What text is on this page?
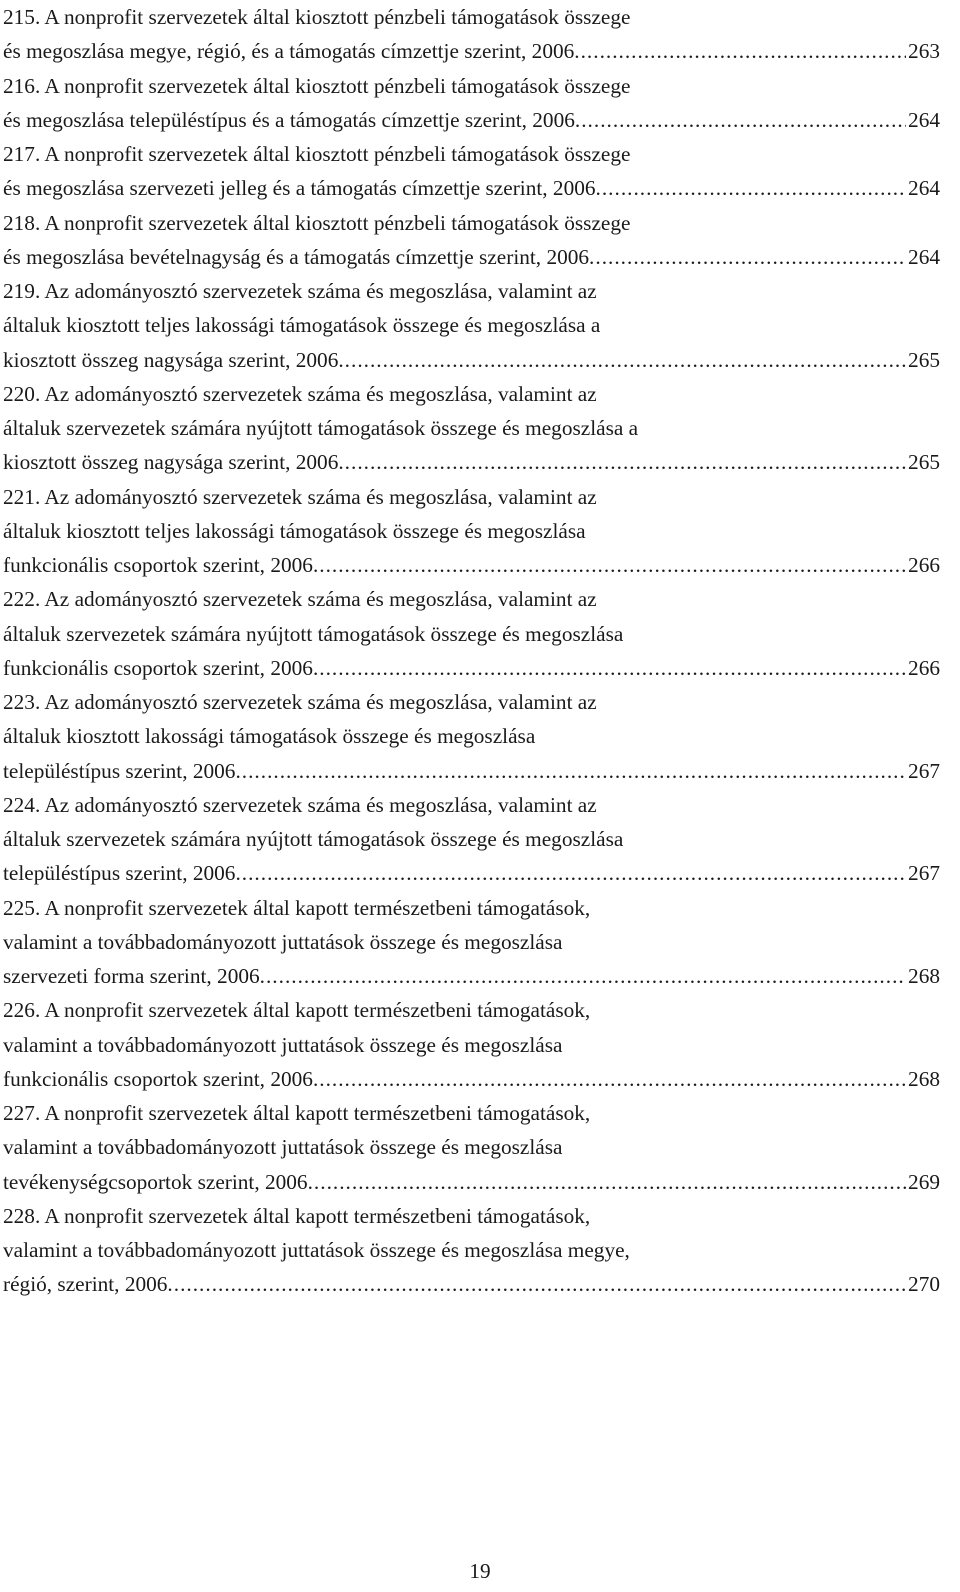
215. A nonprofit szervezetek által kiosztott pénzbeli támogatások összege
és megoszlása megye, régió, és a támogatás címzettje szerint, 2006 .....	263
216. A nonprofit szervezetek által kiosztott pénzbeli támogatások összege
és megoszlása településtípus és a támogatás címzettje szerint, 2006 .....	264
217. A nonprofit szervezetek által kiosztott pénzbeli támogatások összege
és megoszlása szervezeti jelleg és a támogatás címzettje szerint, 2006 .....	264
218. A nonprofit szervezetek által kiosztott pénzbeli támogatások összege
és megoszlása bevételnagyság és a támogatás címzettje szerint, 2006 .....	264
219. Az adományosztó szervezetek száma és megoszlása, valamint az
általuk kiosztott teljes lakossági támogatások összege és megoszlása a
kiosztott összeg nagysága szerint, 2006 .....	265
220. Az adományosztó szervezetek száma és megoszlása, valamint az
általuk szervezetek számára nyújtott támogatások összege és megoszlása a
kiosztott összeg nagysága szerint, 2006 .....	265
221. Az adományosztó szervezetek száma és megoszlása, valamint az
általuk kiosztott teljes lakossági támogatások összege és megoszlása
funkcionális csoportok szerint, 2006 .....	266
222. Az adományosztó szervezetek száma és megoszlása, valamint az
általuk szervezetek számára nyújtott támogatások összege és megoszlása
funkcionális csoportok szerint, 2006 .....	266
223. Az adományosztó szervezetek száma és megoszlása, valamint az
általuk kiosztott lakossági támogatások összege és megoszlása
településtípus szerint, 2006 .....	267
224. Az adományosztó szervezetek száma és megoszlása, valamint az
általuk szervezetek számára nyújtott támogatások összege és megoszlása
településtípus szerint, 2006 .....	267
225. A nonprofit szervezetek által kapott természetbeni támogatások,
valamint a továbbadományozott juttatások összege és megoszlása
szervezeti forma szerint, 2006 .....	268
226. A nonprofit szervezetek által kapott természetbeni támogatások,
valamint a továbbadományozott juttatások összege és megoszlása
funkcionális csoportok szerint, 2006 .....	268
227. A nonprofit szervezetek által kapott természetbeni támogatások,
valamint a továbbadományozott juttatások összege és megoszlása
tevékenységcsoportok szerint, 2006 .....	269
228. A nonprofit szervezetek által kapott természetbeni támogatások,
valamint a továbbadományozott juttatások összege és megoszlása megye,
régió, szerint, 2006 .....	270
19
